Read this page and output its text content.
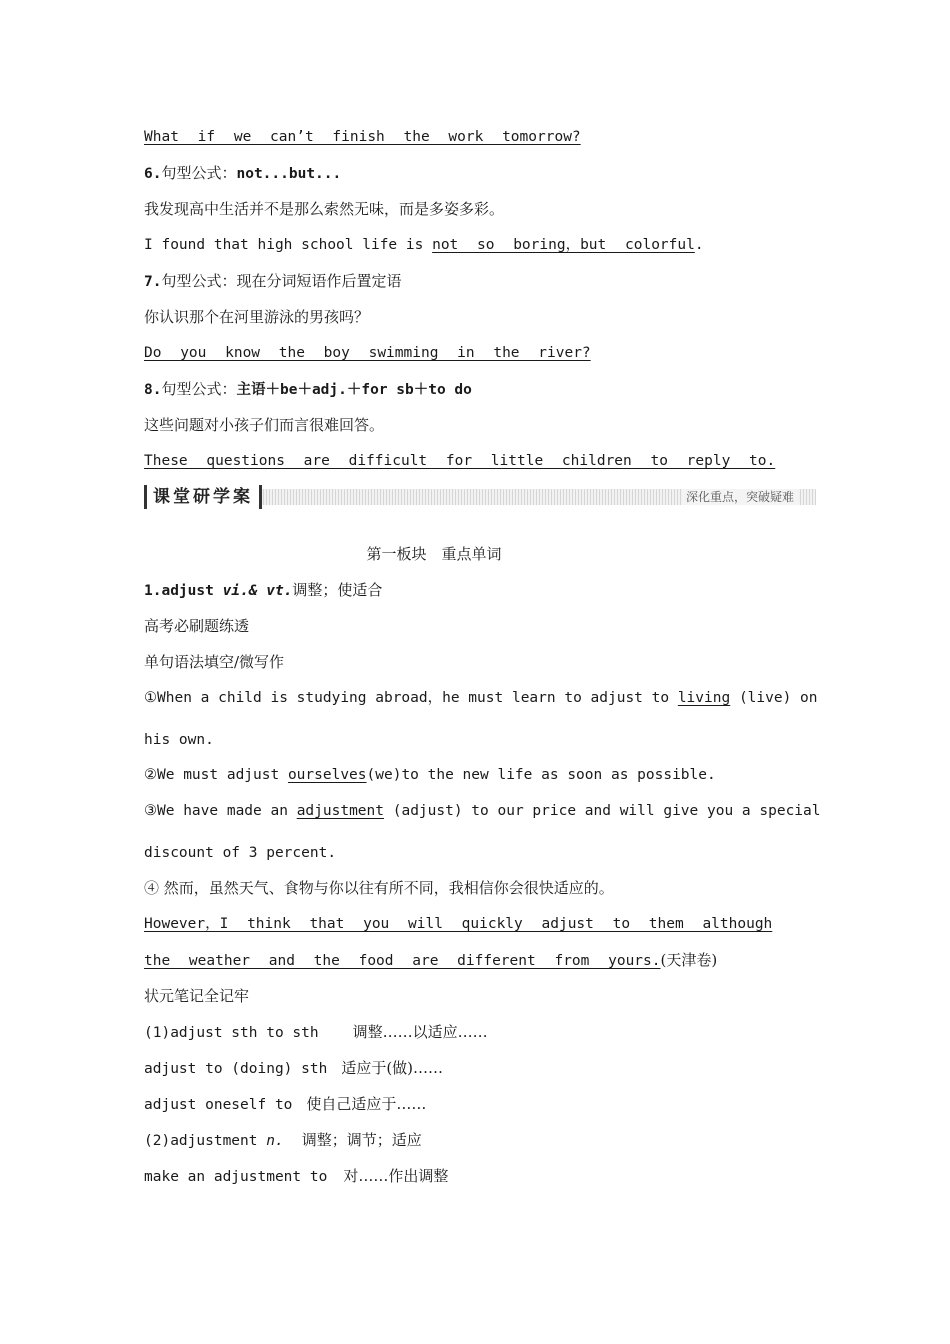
What if we can’t finish the work tomorrow?
6.句型公式：not...but...
我发现高中生活并不是那么索然无味，而是多姿多彩。
I found that high school life is not so boring，but colorful.
7.句型公式：现在分词短语作后置定语
你认识那个在河里游泳的男孩吗？
Do you know the boy swimming in the river?
8.句型公式：主语＋be＋adj.＋for sb＋to do
这些问题对小孩子们而言很难回答。
These questions are difficult for little children to reply to.
课堂研学案	深化重点，突破疑难
第一板块　重点单词
1.adjust vi.& vt.调整；使适合
高考必刷题练透
单句语法填空/微写作
①When a child is studying abroad，he must learn to adjust to living (live) on
his own.
②We must adjust ourselves(we)to the new life as soon as possible.
③We have made an adjustment (adjust) to our price and will give you a special
discount of 3 percent.
④ 然而，虽然天气、食物与你以往有所不同，我相信你会很快适应的。
However，I think that you will quickly adjust to them although
the weather and the food are different from yours.(天津卷)
状元笔记全记牢
(1)adjust sth to sth 调整……以适应……
adjust to (doing) sth 适应于(做)……
adjust oneself to 使自己适应于……
(2)adjustment n. 调整；调节；适应
make an adjustment to 对……作出调整
